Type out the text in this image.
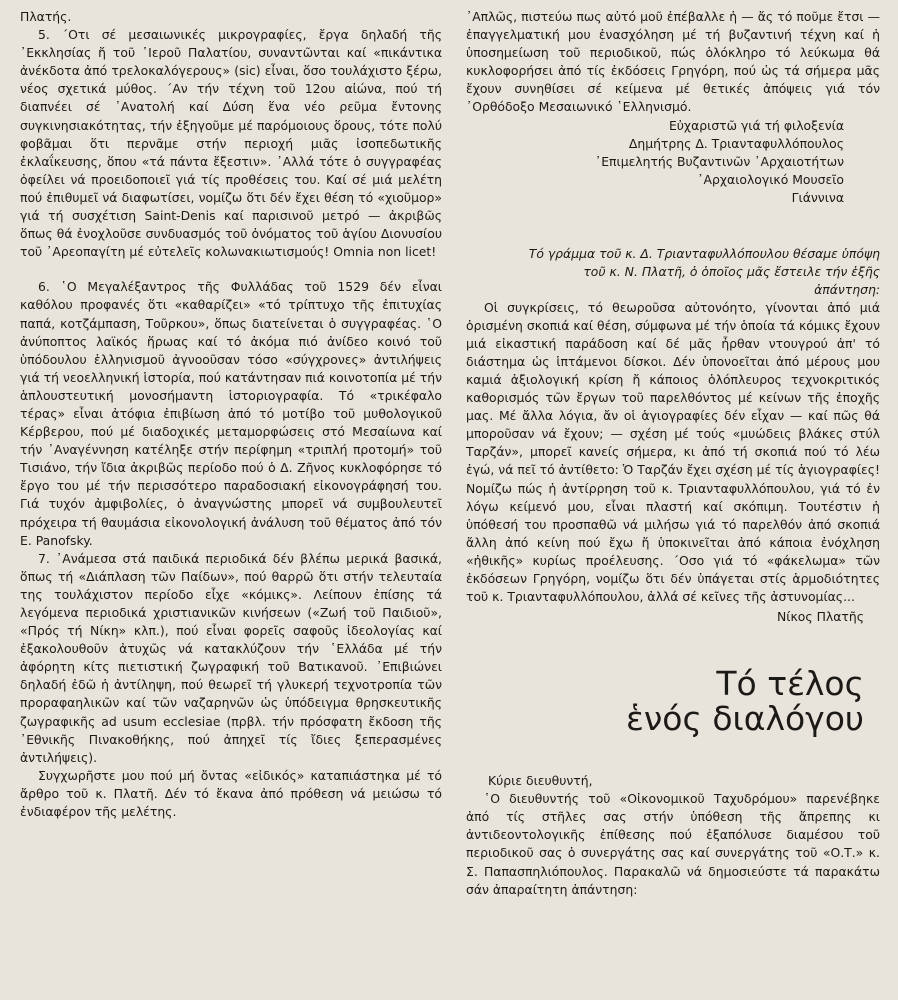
Πλατής.

5. ΄Οτι σέ μεσαιωνικές μικρογραφίες, ἔργα δηλαδή τῆς ᾿Εκκλησίας ἤ τοῦ ῾Ιεροῦ Παλατίου, συναντῶνται καί «πικάντικα ἀνέκδοτα ἀπό τρελοκαλόγερους» (sic) εἶναι, ὅσο τουλάχιστο ξέρω, νέος σχετικά μύθος. ΄Αν τήν τέχνη τοῦ 12ου αἰώνα, πού τή διαπνέει σέ ᾿Ανατολή καί Δύση ἕνα νέο ρεῦμα ἔντονης συγκινησιακότητας, τήν ἐξηγοῦμε μέ παρόμοιους ὅρους, τότε πολύ φοβᾶμαι ὅτι περνᾶμε στήν περιοχή μιᾶς ἰσοπεδωτικῆς ἐκλαΐκευσης, ὅπου «τά πάντα ἔξεστιν». ᾿Αλλά τότε ὁ συγγραφέας ὀφείλει νά προειδοποιεῖ γιά τίς προθέσεις του. Καί σέ μιά μελέτη πού ἐπιθυμεῖ νά διαφωτίσει, νομίζω ὅτι δέν ἔχει θέση τό «χιοῦμορ» γιά τή συσχέτιση Saint-Denis καί παρισινοῦ μετρό — ἀκριβῶς ὅπως θά ἐνοχλοῦσε συνδυασμός τοῦ ὀνόματος τοῦ ἁγίου Διονυσίου τοῦ ᾿Αρεοπαγίτη μέ εὐτελεῖς κολωνακιωτισμούς! Omnia non licet!

6. ῾Ο Μεγαλέξαντρος τῆς Φυλλάδας τοῦ 1529 δέν εἶναι καθόλου προφανές ὅτι «καθαρίζει» «τό τρίπτυχο τῆς ἐπιτυχίας παπά, κοτζάμπαση, Τοῦρκου», ὅπως διατείνεται ὁ συγγραφέας. ῾Ο ἀνύποπτος λαϊκός ἥρωας καί τό ἀκόμα πιό ἀνίδεο κοινό τοῦ ὑπόδουλου ἑλληνισμοῦ ἀγνοοῦσαν τόσο «σύγχρονες» ἀντιλήψεις γιά τή νεοελληνική ἱστορία, πού κατάντησαν πιά κοινοτοπία μέ τήν ἁπλουστευτική μονοσήμαντη ἱστοριογραφία. Τό «τρικέφαλο τέρας» εἶναι ἀτόφια ἐπιβίωση ἀπό τό μοτίβο τοῦ μυθολογικοῦ Κέρβερου, πού μέ διαδοχικές μεταμορφώσεις στό Μεσαίωνα καί τήν ᾿Αναγέννηση κατέληξε στήν περίφημη «τριπλή προτομή» τοῦ Τισιάνο, τήν ἴδια ἀκριβῶς περίοδο πού ὁ Δ. Ζῆνος κυκλοφόρησε τό ἔργο του μέ τήν περισσότερο παραδοσιακή εἰκονογράφησή του. Γιά τυχόν ἀμφιβολίες, ὁ ἀναγνώστης μπορεῖ νά συμβουλευτεῖ πρόχειρα τή θαυμάσια εἰκονολογική ἀνάλυση τοῦ θέματος ἀπό τόν E. Panofsky.

7. ᾿Ανάμεσα στά παιδικά περιοδικά δέν βλέπω μερικά βασικά, ὅπως τή «Διάπλαση τῶν Παίδων», πού θαρρῶ ὅτι στήν τελευταία της τουλάχιστον περίοδο εἶχε «κόμικς». Λείπουν ἐπίσης τά λεγόμενα περιοδικά χριστιανικῶν κινήσεων («Ζωή τοῦ Παιδιοῦ», «Πρός τή Νίκη» κλπ.), πού εἶναι φορεῖς σαφοῦς ἰδεολογίας καί ἐξακολουθοῦν ἀτυχῶς νά κατακλύζουν τήν ῾Ελλάδα μέ τήν ἀφόρητη κίτς πιετιστική ζωγραφική τοῦ Βατικανοῦ. ᾿Επιβιώνει δηλαδή ἐδῶ ἡ ἀντίληψη, πού θεωρεῖ τή γλυκερή τεχνοτροπία τῶν προραφαηλικῶν καί τῶν ναζαρηνῶν ὡς ὑπόδειγμα θρησκευτικῆς ζωγραφικῆς ad usum ecclesiae (πρβλ. τήν πρόσφατη ἔκδοση τῆς ᾿Εθνικῆς Πινακοθήκης, πού ἀπηχεῖ τίς ἴδιες ξεπερασμένες ἀντιλήψεις).

Συγχωρῆστε μου πού μή ὄντας «εἰδικός» καταπιάστηκα μέ τό ἄρθρο τοῦ κ. Πλατῆ. Δέν τό ἔκανα ἀπό πρόθεση νά μειώσω τό ἐνδιαφέρον τῆς μελέτης.

᾿Απλῶς, πιστεύω πως αὐτό μοῦ ἐπέβαλλε ἡ — ἄς τό ποῦμε ἔτσι — ἐπαγγελματική μου ἐνασχόληση μέ τή βυζαντινή τέχνη καί ἡ ὑποσημείωση τοῦ περιοδικοῦ, πώς ὁλόκληρο τό λεύκωμα θά κυκλοφορήσει ἀπό τίς ἐκδόσεις Γρηγόρη, πού ὡς τά σήμερα μᾶς ἔχουν συνηθίσει σέ κείμενα μέ θετικές ἀπόψεις γιά τόν ᾿Ορθόδοξο Μεσαιωνικό ῾Ελληνισμό.

Εὐχαριστῶ γιά τή φιλοξενία

Δημήτρης Δ. Τριανταφυλλόπουλος

᾿Επιμελητής Βυζαντινῶν ᾿Αρχαιοτήτων

᾿Αρχαιολογικό Μουσεῖο

Γιάννινα

Τό γράμμα τοῦ κ. Δ. Τριανταφυλλόπουλου θέσαμε ὑπόψη τοῦ κ. Ν. Πλατῆ, ὁ ὁποῖος μᾶς ἔστειλε τήν ἑξῆς ἀπάντηση:

Οἱ συγκρίσεις, τό θεωροῦσα αὐτονόητο, γίνονται ἀπό μιά ὁρισμένη σκοπιά καί θέση, σύμφωνα μέ τήν ὁποία τά κόμικς ἔχουν μιά εἰκαστική παράδοση καί δέ μᾶς ἦρθαν ντουγρού ἀπ' τό διάστημα ὡς ἱπτάμενοι δίσκοι. Δέν ὑπονοεῖται ἀπό μέρους μου καμιά ἀξιολογική κρίση ἤ κάποιος ὁλόπλευρος τεχνοκριτικός καθορισμός τῶν ἔργων τοῦ παρελθόντος μέ κείνων τῆς ἐποχῆς μας. Μέ ἄλλα λόγια, ἄν οἱ ἁγιογραφίες δέν εἶχαν — καί πῶς θά μποροῦσαν νά ἔχουν; — σχέση μέ τούς «μυώδεις βλάκες στύλ Ταρζάν», μπορεῖ κανείς σήμερα, κι ἀπό τή σκοπιά πού τό λέω ἐγώ, νά πεῖ τό ἀντίθετο: Ὁ Ταρζάν ἔχει σχέση μέ τίς ἁγιογραφίες! Νομίζω πώς ἡ ἀντίρρηση τοῦ κ. Τριανταφυλλόπουλου, γιά τό ἐν λόγω κείμενό μου, εἶναι πλαστή καί σκόπιμη. Τουτέστιν ἡ ὑπόθεσή του προσπαθῶ νά μιλήσω γιά τό παρελθόν ἀπό σκοπιά ἄλλη ἀπό κείνη πού ἔχω ἤ ὑποκινεῖται ἀπό κάποια ἐνόχληση «ἠθικῆς» κυρίως προέλευσης. ΄Οσο γιά τό «φάκελωμα» τῶν ἐκδόσεων Γρηγόρη, νομίζω ὅτι δέν ὑπάγεται στίς ἁρμοδιότητες τοῦ κ. Τριανταφυλλόπουλου, ἀλλά σέ κεῖνες τῆς ἀστυνομίας...

Νίκος Πλατῆς

Τό τέλος
ἑνός διαλόγου

Κύριε διευθυντή,

῾Ο διευθυντής τοῦ «Οἰκονομικοῦ Ταχυδρόμου» παρενέβηκε ἀπό τίς στῆλες σας στήν ὑπόθεση τῆς ἄπρεπης κι ἀντιδεοντολογικῆς ἐπίθεσης πού ἐξαπόλυσε διαμέσου τοῦ περιοδικοῦ σας ὁ συνεργάτης σας καί συνεργάτης τοῦ «Ο.Τ.» κ. Σ. Παπασπηλιόπουλος. Παρακαλῶ νά δημοσιεύστε τά παρακάτω σάν ἀπαραίτητη ἀπάντηση:
